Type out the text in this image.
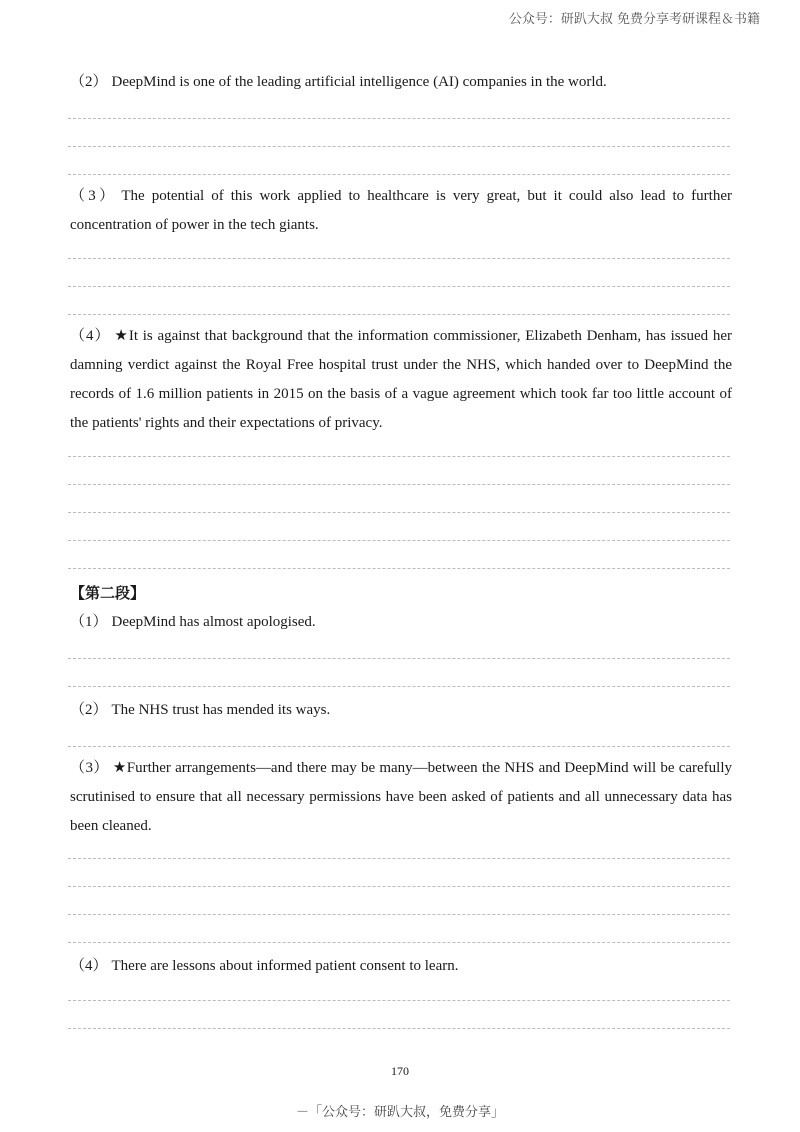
公众号：研趴大叔 免费分享考研课程＆书籍
（2） DeepMind is one of the leading artificial intelligence (AI) companies in the world.
（3） The potential of this work applied to healthcare is very great, but it could also lead to further concentration of power in the tech giants.
（4） ★It is against that background that the information commissioner, Elizabeth Denham, has issued her damning verdict against the Royal Free hospital trust under the NHS, which handed over to DeepMind the records of 1.6 million patients in 2015 on the basis of a vague agreement which took far too little account of the patients' rights and their expectations of privacy.
【第二段】
（1） DeepMind has almost apologised.
（2） The NHS trust has mended its ways.
（3） ★Further arrangements—and there may be many—between the NHS and DeepMind will be carefully scrutinised to ensure that all necessary permissions have been asked of patients and all unnecessary data has been cleaned.
（4） There are lessons about informed patient consent to learn.
170
－「公众号：研趴大叔，免费分享」
